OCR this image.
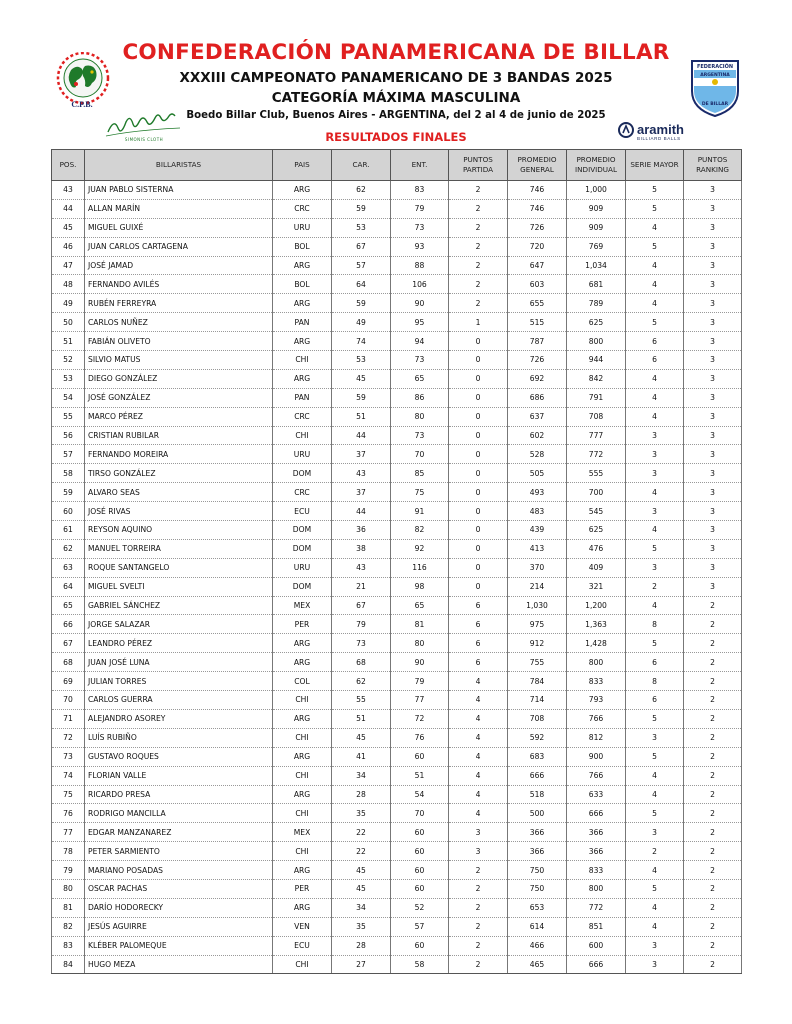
CONFEDERACIÓN PANAMERICANA DE BILLAR
XXXIII CAMPEONATO PANAMERICANO DE 3 BANDAS 2025
CATEGORÍA MÁXIMA MASCULINA
Boedo Billar Club, Buenos Aires - ARGENTINA, del 2 al 4 de junio de 2025
RESULTADOS FINALES
C.P.B.
SIMONIS CLOTH
FEDERACIÓN
ARGENTINA
DE BILLAR
aramith
BILLIARD BALLS
POS.	BILLARISTAS	PAIS	CAR.	ENT.	PUNTOS PARTIDA	PROMEDIO GENERAL	PROMEDIO INDIVIDUAL	SERIE MAYOR	PUNTOS RANKING
43	JUAN PABLO SISTERNA	ARG	62	83	2	746	1,000	5	3
44	ALLAN MARÍN	CRC	59	79	2	746	909	5	3
45	MIGUEL GUIXÉ	URU	53	73	2	726	909	4	3
46	JUAN CARLOS CARTAGENA	BOL	67	93	2	720	769	5	3
47	JOSÉ JAMAD	ARG	57	88	2	647	1,034	4	3
48	FERNANDO AVILÉS	BOL	64	106	2	603	681	4	3
49	RUBÉN FERREYRA	ARG	59	90	2	655	789	4	3
50	CARLOS NUÑEZ	PAN	49	95	1	515	625	5	3
51	FABIÁN OLIVETO	ARG	74	94	0	787	800	6	3
52	SILVIO MATUS	CHI	53	73	0	726	944	6	3
53	DIEGO GONZÁLEZ	ARG	45	65	0	692	842	4	3
54	JOSÉ GONZÁLEZ	PAN	59	86	0	686	791	4	3
55	MARCO PÉREZ	CRC	51	80	0	637	708	4	3
56	CRISTIAN RUBILAR	CHI	44	73	0	602	777	3	3
57	FERNANDO MOREIRA	URU	37	70	0	528	772	3	3
58	TIRSO GONZÁLEZ	DOM	43	85	0	505	555	3	3
59	ALVARO SEAS	CRC	37	75	0	493	700	4	3
60	JOSÉ RIVAS	ECU	44	91	0	483	545	3	3
61	REYSON AQUINO	DOM	36	82	0	439	625	4	3
62	MANUEL TORREIRA	DOM	38	92	0	413	476	5	3
63	ROQUE SANTANGELO	URU	43	116	0	370	409	3	3
64	MIGUEL SVELTI	DOM	21	98	0	214	321	2	3
65	GABRIEL SÁNCHEZ	MEX	67	65	6	1,030	1,200	4	2
66	JORGE SALAZAR	PER	79	81	6	975	1,363	8	2
67	LEANDRO PÉREZ	ARG	73	80	6	912	1,428	5	2
68	JUAN JOSÉ LUNA	ARG	68	90	6	755	800	6	2
69	JULIAN TORRES	COL	62	79	4	784	833	8	2
70	CARLOS GUERRA	CHI	55	77	4	714	793	6	2
71	ALEJANDRO ASOREY	ARG	51	72	4	708	766	5	2
72	LUÍS RUBIÑO	CHI	45	76	4	592	812	3	2
73	GUSTAVO ROQUES	ARG	41	60	4	683	900	5	2
74	FLORIAN VALLE	CHI	34	51	4	666	766	4	2
75	RICARDO PRESA	ARG	28	54	4	518	633	4	2
76	RODRIGO MANCILLA	CHI	35	70	4	500	666	5	2
77	EDGAR MANZANAREZ	MEX	22	60	3	366	366	3	2
78	PETER SARMIENTO	CHI	22	60	3	366	366	2	2
79	MARIANO POSADAS	ARG	45	60	2	750	833	4	2
80	OSCAR PACHAS	PER	45	60	2	750	800	5	2
81	DARÍO HODORECKY	ARG	34	52	2	653	772	4	2
82	JESÚS AGUIRRE	VEN	35	57	2	614	851	4	2
83	KLÉBER PALOMEQUE	ECU	28	60	2	466	600	3	2
84	HUGO MEZA	CHI	27	58	2	465	666	3	2
